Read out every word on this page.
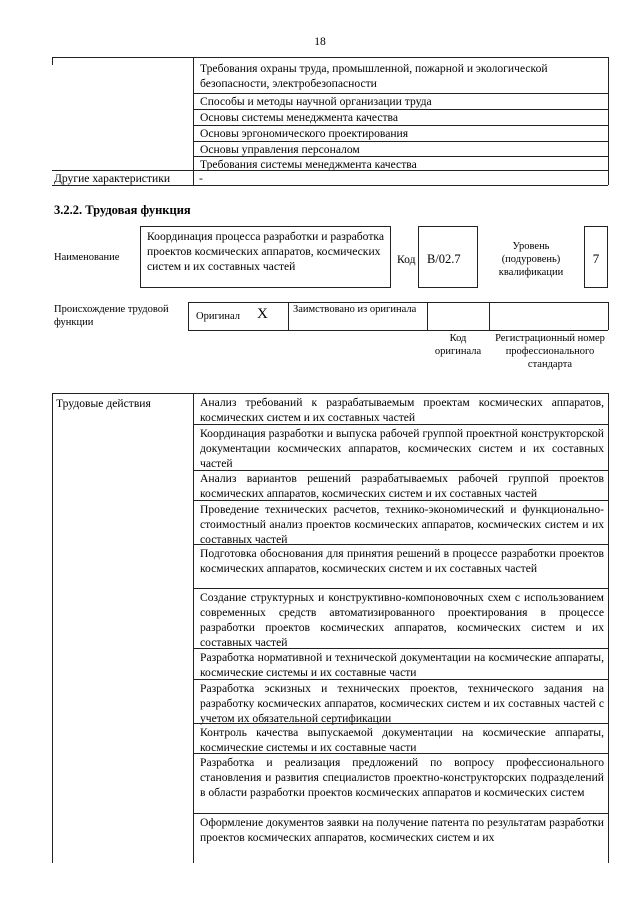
18
Требования охраны труда, промышленной, пожарной и экологической безопасности, электробезопасности
Способы и методы научной организации труда
Основы системы менеджмента качества
Основы эргономического проектирования
Основы управления персоналом
Требования системы менеджмента качества
Другие характеристики -
3.2.2. Трудовая функция
Наименование
Координация процесса разработки и разработка проектов космических аппаратов, космических систем и их составных частей
Код B/02.7
Уровень (подуровень) квалификации
7
Происхождение трудовой функции
Оригинал X Заимствовано из оригинала
Код оригинала
Регистрационный номер профессионального стандарта
Трудовые действия	Анализ требований к разрабатываемым проектам космических аппаратов, космических систем и их составных частей
Координация разработки и выпуска рабочей группой проектной конструкторской документации космических аппаратов, космических систем и их составных частей
Анализ вариантов решений разрабатываемых рабочей группой проектов космических аппаратов, космических систем и их составных частей
Проведение технических расчетов, технико-экономический и функционально-стоимостный анализ проектов космических аппаратов, космических систем и их составных частей
Подготовка обоснования для принятия решений в процессе разработки проектов космических аппаратов, космических систем и их составных частей
Создание структурных и конструктивно-компоновочных схем с использованием современных средств автоматизированного проектирования в процессе разработки проектов космических аппаратов, космических систем и их составных частей
Разработка нормативной и технической документации на космические аппараты, космические системы и их составные части
Разработка эскизных и технических проектов, технического задания на разработку космических аппаратов, космических систем и их составных частей с учетом их обязательной сертификации
Контроль качества выпускаемой документации на космические аппараты, космические системы и их составные части
Разработка и реализация предложений по вопросу профессионального становления и развития специалистов проектно-конструкторских подразделений в области разработки проектов космических аппаратов и космических систем
Оформление документов заявки на получение патента по результатам разработки проектов космических аппаратов, космических систем и их
